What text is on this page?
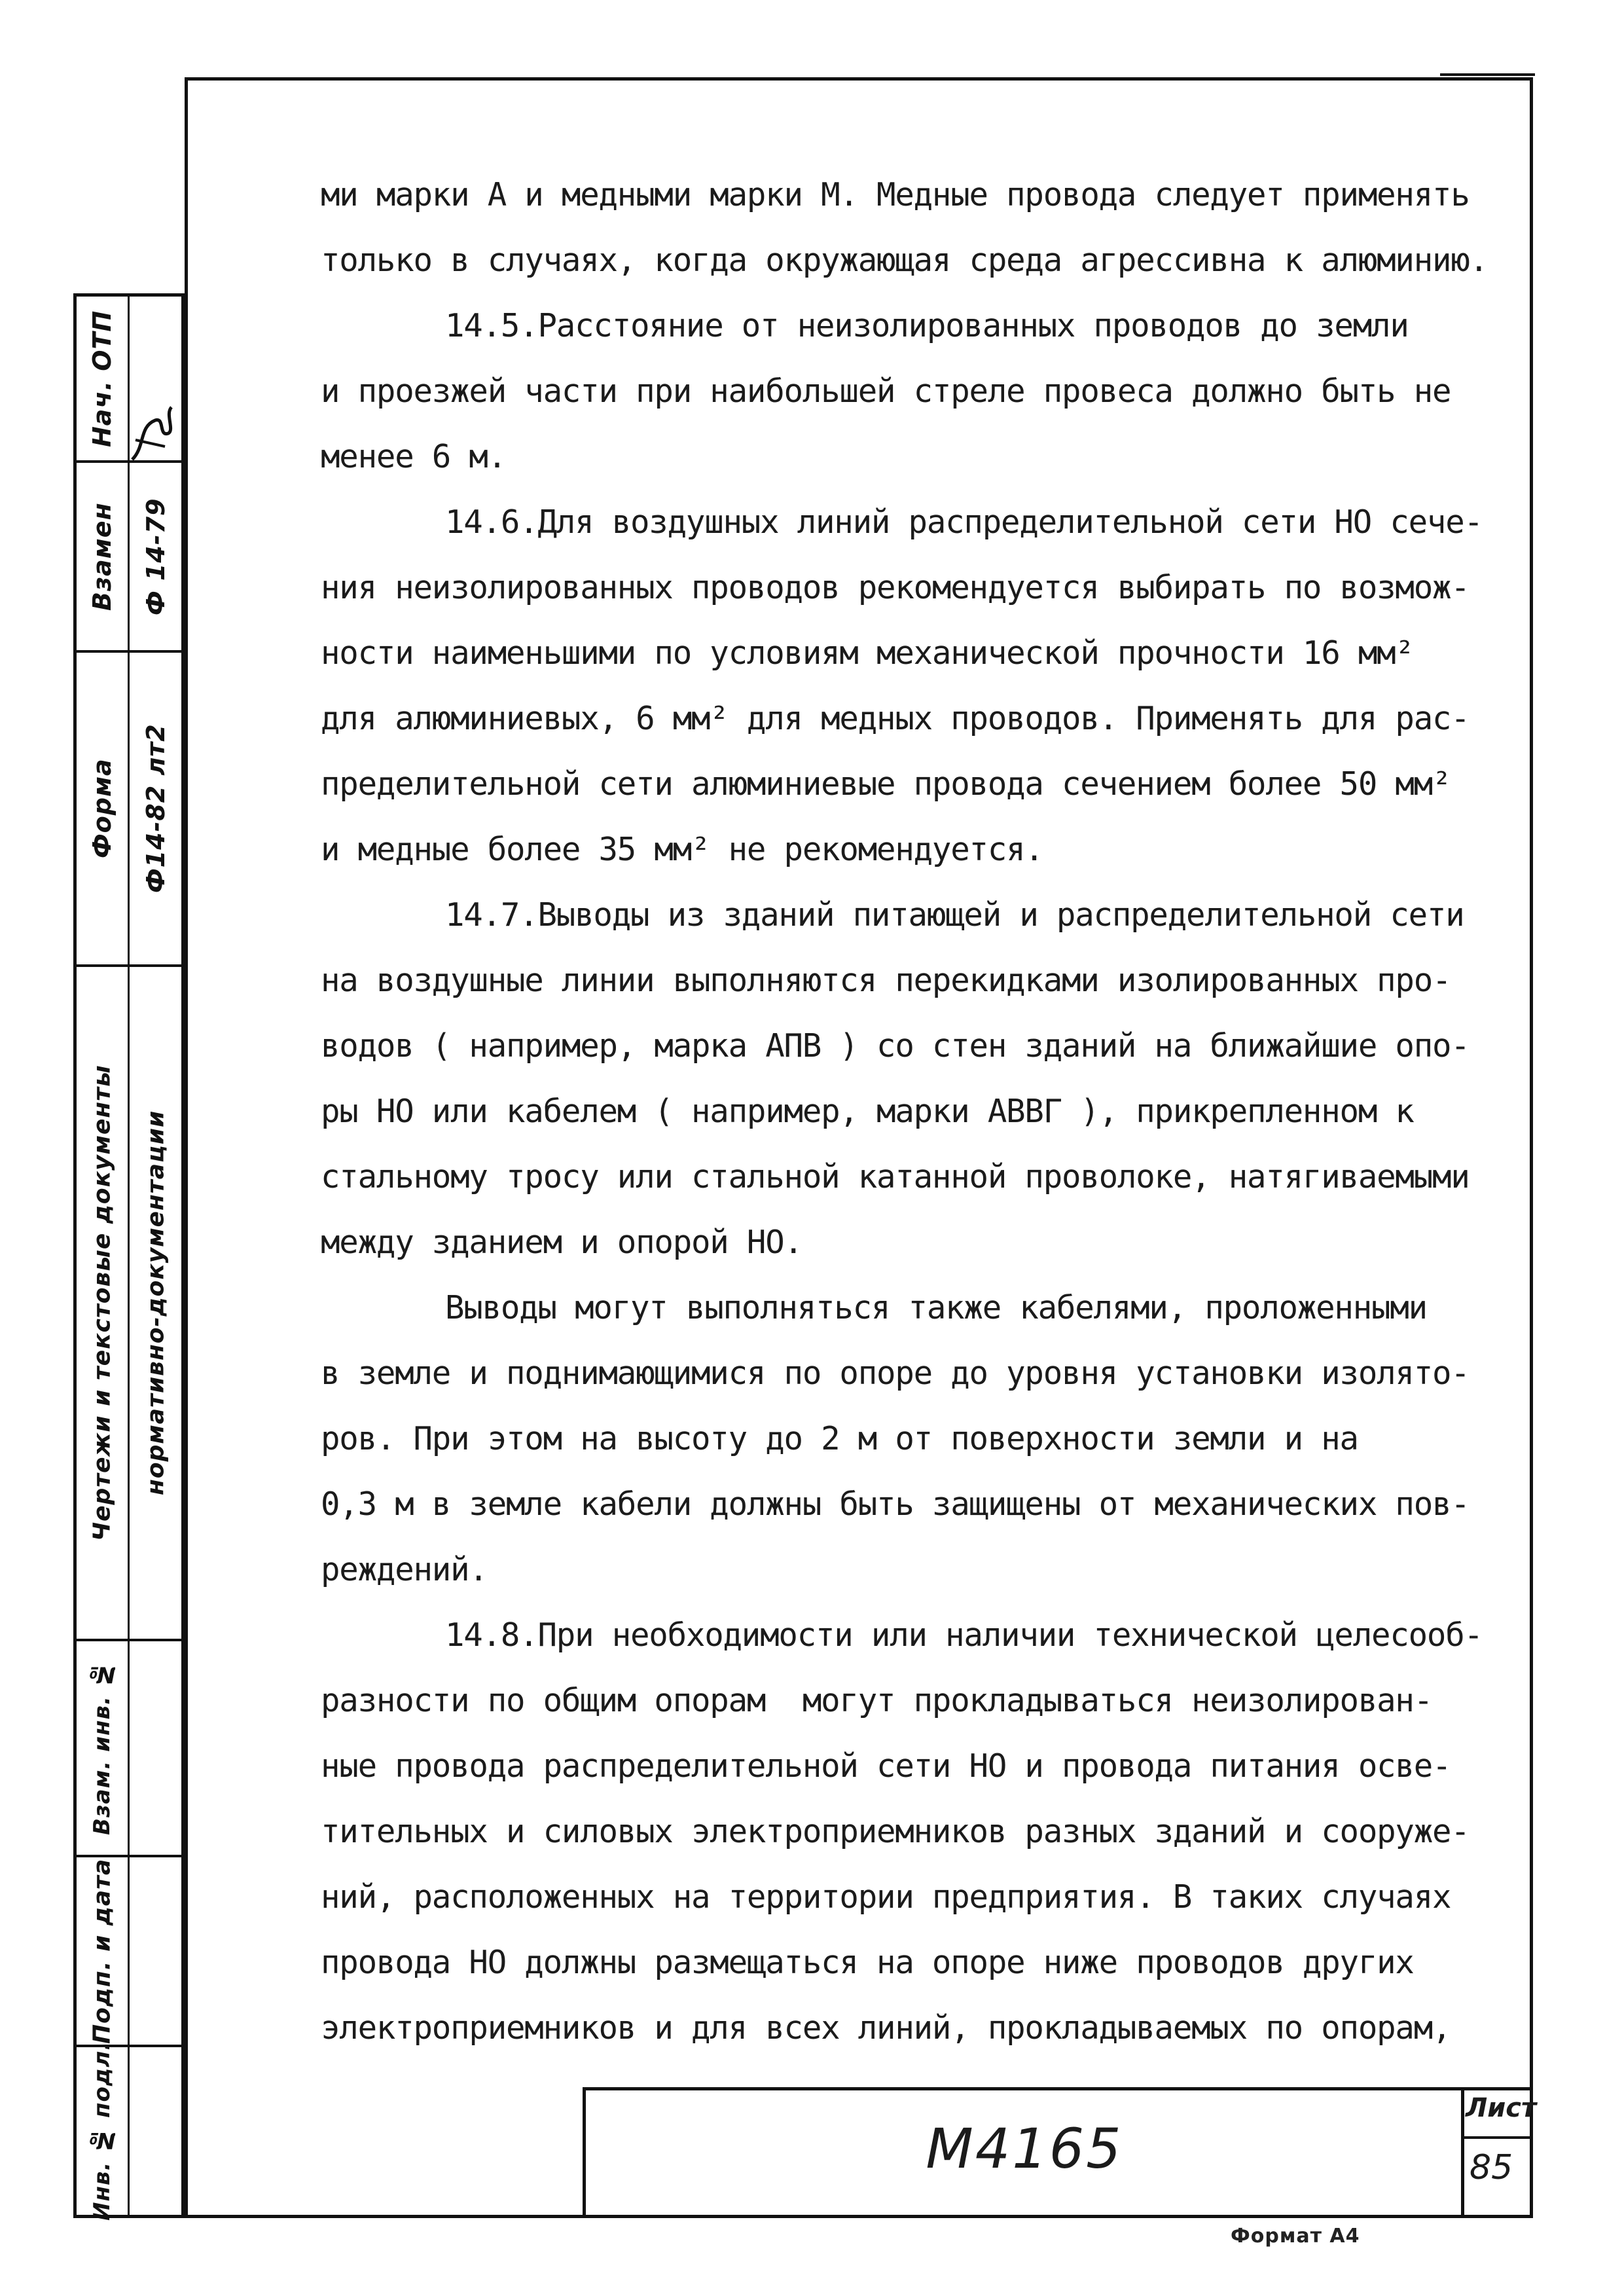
Нач. ОТП
Взамен	Ф 14-79
Форма	Ф14-82 лт2
Чертежи и текстовые документы	нормативно-документации
Взам. инв. №
Подп. и дата
Инв. № подл.

ми марки А и медными марки М. Медные провода следует применять

только в случаях, когда окружающая среда агрессивна к алюминию.

14.5.Расстояние от неизолированных проводов до земли

и проезжей части при наибольшей стреле провеса должно быть не

менее 6 м.

14.6.Для воздушных линий распределительной сети НО сече-

ния неизолированных проводов рекомендуется выбирать по возмож-

ности наименьшими по условиям механической прочности 16 мм²

для алюминиевых, 6 мм² для медных проводов. Применять для рас-

пределительной сети алюминиевые провода сечением более 50 мм²

и медные более 35 мм² не рекомендуется.

14.7.Выводы из зданий питающей и распределительной сети

на воздушные линии выполняются перекидками изолированных про-

водов ( например, марка АПВ ) со стен зданий на ближайшие опо-

ры НО или кабелем ( например, марки АВВГ ), прикрепленном к

стальному тросу или стальной катанной проволоке, натягиваемыми

между зданием и опорой НО.

Выводы могут выполняться также кабелями, проложенными

в земле и поднимающимися по опоре до уровня установки изолято-

ров. При этом на высоту до 2 м от поверхности земли и на

0,3 м в земле кабели должны быть защищены от механических пов-

реждений.

14.8.При необходимости или наличии технической целесооб-

разности по общим опорам  могут прокладываться неизолирован-

ные провода распределительной сети НО и провода питания осве-

тительных и силовых электроприемников разных зданий и сооруже-

ний, расположенных на территории предприятия. В таких случаях

провода НО должны размещаться на опоре ниже проводов других

электроприемников и для всех линий, прокладываемых по опорам,

М4165
Лист
85
Формат А4
